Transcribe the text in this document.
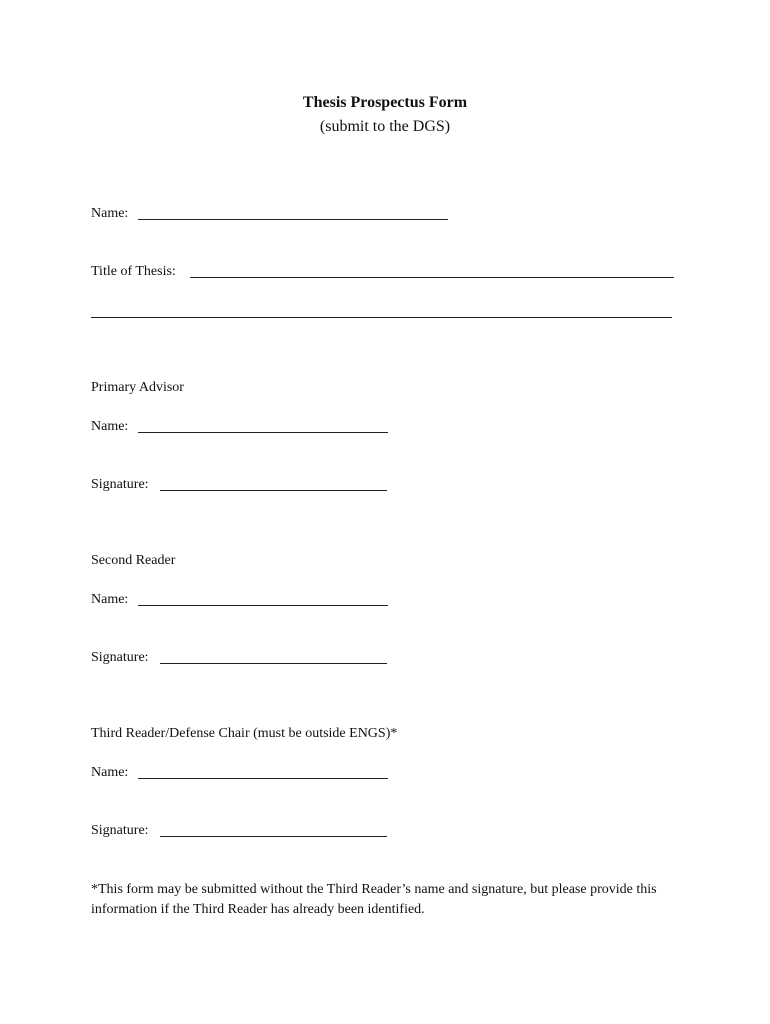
Thesis Prospectus Form
(submit to the DGS)
Name:
Title of Thesis:
Primary Advisor
Name:
Signature:
Second Reader
Name:
Signature:
Third Reader/Defense Chair (must be outside ENGS)*
Name:
Signature:
*This form may be submitted without the Third Reader’s name and signature, but please provide this information if the Third Reader has already been identified.
